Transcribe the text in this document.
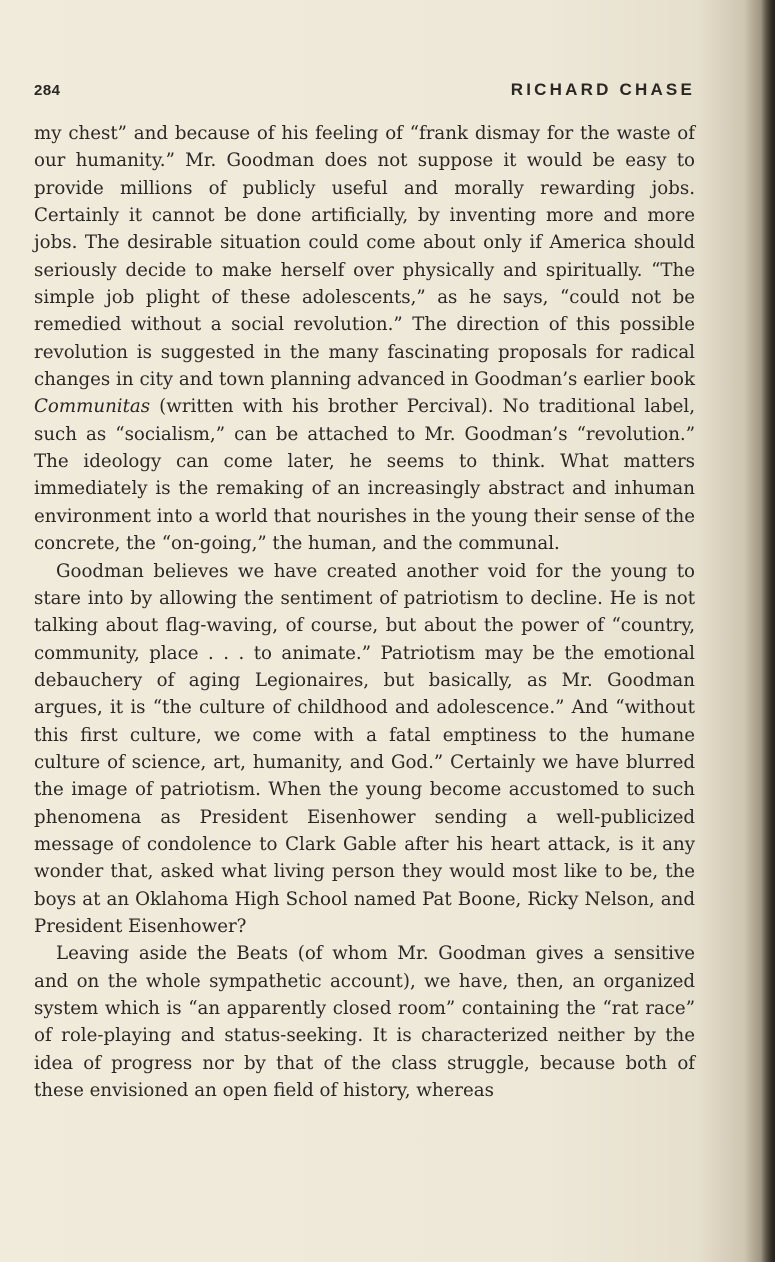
284	RICHARD CHASE

my chest” and because of his feeling of “frank dismay for the waste of our humanity.” Mr. Goodman does not suppose it would be easy to provide millions of publicly useful and morally rewarding jobs. Certainly it cannot be done artificially, by inventing more and more jobs. The desirable situation could come about only if America should seriously decide to make herself over physically and spiritually. “The simple job plight of these adolescents,” as he says, “could not be remedied without a social revolution.” The direction of this possible revolution is suggested in the many fascinating proposals for radical changes in city and town planning advanced in Goodman’s earlier book Communitas (written with his brother Percival). No traditional label, such as “socialism,” can be attached to Mr. Goodman’s “revolution.” The ideology can come later, he seems to think. What matters immediately is the remaking of an increasingly abstract and inhuman environment into a world that nourishes in the young their sense of the concrete, the “on-going,” the human, and the communal.

Goodman believes we have created another void for the young to stare into by allowing the sentiment of patriotism to decline. He is not talking about flag-waving, of course, but about the power of “country, community, place . . . to animate.” Patriotism may be the emotional debauchery of aging Legionaires, but basically, as Mr. Goodman argues, it is “the culture of childhood and adolescence.” And “without this first culture, we come with a fatal emptiness to the humane culture of science, art, humanity, and God.” Certainly we have blurred the image of patriotism. When the young become accustomed to such phenomena as President Eisenhower sending a well-publicized message of condolence to Clark Gable after his heart attack, is it any wonder that, asked what living person they would most like to be, the boys at an Oklahoma High School named Pat Boone, Ricky Nelson, and President Eisenhower?

Leaving aside the Beats (of whom Mr. Goodman gives a sensitive and on the whole sympathetic account), we have, then, an organized system which is “an apparently closed room” containing the “rat race” of role-playing and status-seeking. It is characterized neither by the idea of progress nor by that of the class struggle, because both of these envisioned an open field of history, whereas
